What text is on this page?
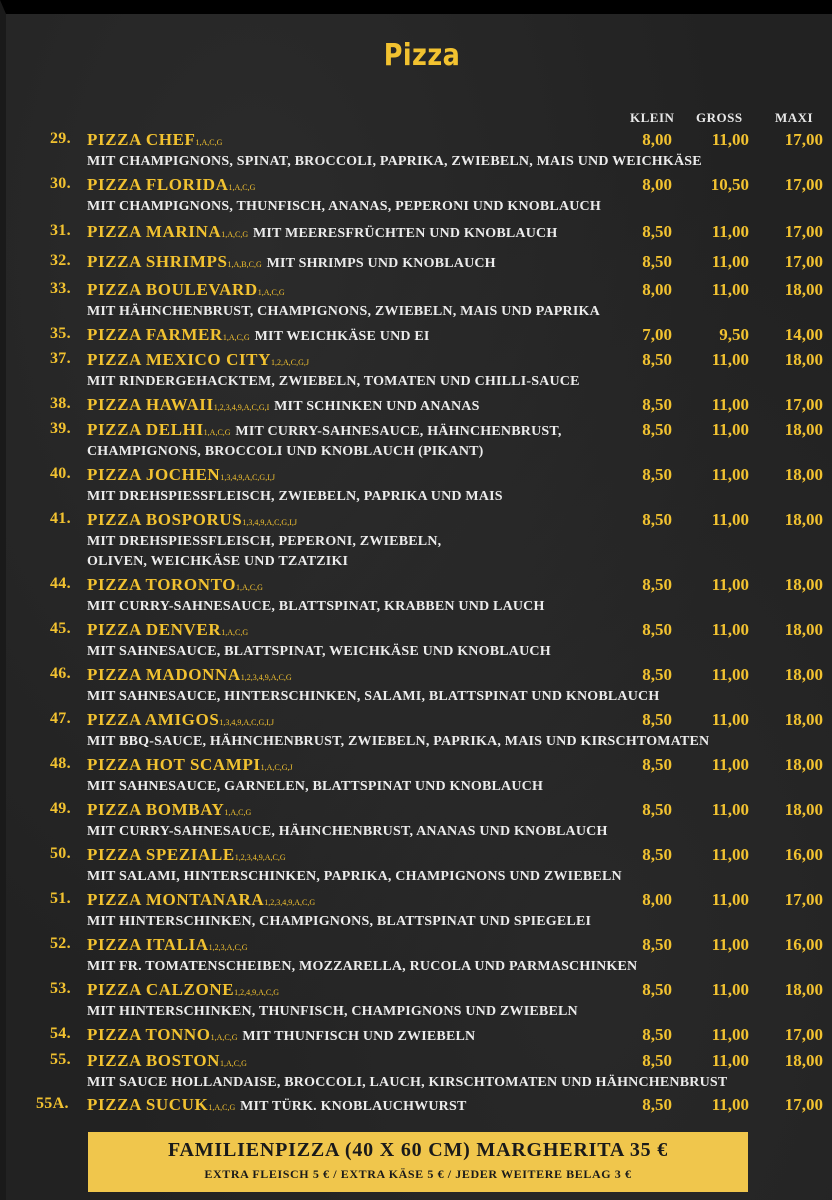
Pizza
KLEIN GROSS MAXI
29. PIZZA CHEF1,A,C,G	8,00	11,00	17,00
MIT CHAMPIGNONS, SPINAT, BROCCOLI, PAPRIKA, ZWIEBELN, MAIS UND WEICHKÄSE
30. PIZZA FLORIDA1,A,C,G	8,00	10,50	17,00
MIT CHAMPIGNONS, THUNFISCH, ANANAS, PEPERONI UND KNOBLAUCH
31. PIZZA MARINA1,A,C,G MIT MEERESFRÜCHTEN UND KNOBLAUCH	8,50	11,00	17,00
32. PIZZA SHRIMPS1,A,B,C,G MIT SHRIMPS UND KNOBLAUCH	8,50	11,00	17,00
33. PIZZA BOULEVARD1,A,C,G	8,00	11,00	18,00
MIT HÄHNCHENBRUST, CHAMPIGNONS, ZWIEBELN, MAIS UND PAPRIKA
35. PIZZA FARMER1,A,C,G MIT WEICHKÄSE UND EI	7,00	9,50	14,00
37. PIZZA MEXICO CITY1,2,A,C,G,J	8,50	11,00	18,00
MIT RINDERGEHACKTEM, ZWIEBELN, TOMATEN UND CHILLI-SAUCE
38. PIZZA HAWAII1,2,3,4,9,A,C,G,I MIT SCHINKEN UND ANANAS	8,50	11,00	17,00
39. PIZZA DELHI1,A,C,G MIT CURRY-SAHNESAUCE, HÄHNCHENBRUST,	8,50	11,00	18,00
CHAMPIGNONS, BROCCOLI UND KNOBLAUCH (PIKANT)
40. PIZZA JOCHEN1,3,4,9,A,C,G,I,J	8,50	11,00	18,00
MIT DREHSPIESSFLEISCH, ZWIEBELN, PAPRIKA UND MAIS
41. PIZZA BOSPORUS1,3,4,9,A,C,G,I,J	8,50	11,00	18,00
MIT DREHSPIESSFLEISCH, PEPERONI, ZWIEBELN,
OLIVEN, WEICHKÄSE UND TZATZIKI
44. PIZZA TORONTO1,A,C,G	8,50	11,00	18,00
MIT CURRY-SAHNESAUCE, BLATTSPINAT, KRABBEN UND LAUCH
45. PIZZA DENVER1,A,C,G	8,50	11,00	18,00
MIT SAHNESAUCE, BLATTSPINAT, WEICHKÄSE UND KNOBLAUCH
46. PIZZA MADONNA1,2,3,4,9,A,C,G	8,50	11,00	18,00
MIT SAHNESAUCE, HINTERSCHINKEN, SALAMI, BLATTSPINAT UND KNOBLAUCH
47. PIZZA AMIGOS1,3,4,9,A,C,G,I,J	8,50	11,00	18,00
MIT BBQ-SAUCE, HÄHNCHENBRUST, ZWIEBELN, PAPRIKA, MAIS UND KIRSCHTOMATEN
48. PIZZA HOT SCAMPI1,A,C,G,J	8,50	11,00	18,00
MIT SAHNESAUCE, GARNELEN, BLATTSPINAT UND KNOBLAUCH
49. PIZZA BOMBAY1,A,C,G	8,50	11,00	18,00
MIT CURRY-SAHNESAUCE, HÄHNCHENBRUST, ANANAS UND KNOBLAUCH
50. PIZZA SPEZIALE1,2,3,4,9,A,C,G	8,50	11,00	16,00
MIT SALAMI, HINTERSCHINKEN, PAPRIKA, CHAMPIGNONS UND ZWIEBELN
51. PIZZA MONTANARA1,2,3,4,9,A,C,G	8,00	11,00	17,00
MIT HINTERSCHINKEN, CHAMPIGNONS, BLATTSPINAT UND SPIEGELEI
52. PIZZA ITALIA1,2,3,A,C,G	8,50	11,00	16,00
MIT FR. TOMATENSCHEIBEN, MOZZARELLA, RUCOLA UND PARMASCHINKEN
53. PIZZA CALZONE1,2,4,9,A,C,G	8,50	11,00	18,00
MIT HINTERSCHINKEN, THUNFISCH, CHAMPIGNONS UND ZWIEBELN
54. PIZZA TONNO1,A,C,G MIT THUNFISCH UND ZWIEBELN	8,50	11,00	17,00
55. PIZZA BOSTON1,A,C,G	8,50	11,00	18,00
MIT SAUCE HOLLANDAISE, BROCCOLI, LAUCH, KIRSCHTOMATEN UND HÄHNCHENBRUST
55A. PIZZA SUCUK1,A,C,G MIT TÜRK. KNOBLAUCHWURST	8,50	11,00	17,00
FAMILIENPIZZA (40 X 60 CM) MARGHERITA 35 €
EXTRA FLEISCH 5 € / EXTRA KÄSE 5 € / JEDER WEITERE BELAG 3 €
